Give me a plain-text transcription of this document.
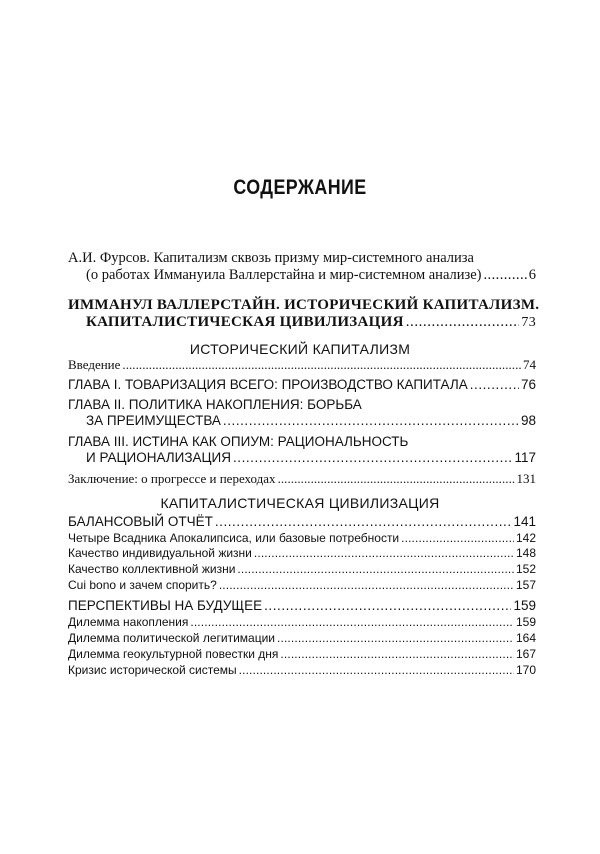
СОДЕРЖАНИЕ
А.И. Фурсов. Капитализм сквозь призму мир-системного анализа
(о работах Иммануила Валлерстайна и мир-системном анализе) . . .	6
ИММАНУЛ ВАЛЛЕРСТАЙН. ИСТОРИЧЕСКИЙ КАПИТАЛИЗМ.
КАПИТАЛИСТИЧЕСКАЯ ЦИВИЛИЗАЦИЯ . . .	73
ИСТОРИЧЕСКИЙ КАПИТАЛИЗМ
Введение . . .	74
ГЛАВА I. ТОВАРИЗАЦИЯ ВСЕГО: ПРОИЗВОДСТВО КАПИТАЛА . . .	76
ГЛАВА II. ПОЛИТИКА НАКОПЛЕНИЯ: БОРЬБА
ЗА ПРЕИМУЩЕСТВА . . .	98
ГЛАВА III. ИСТИНА КАК ОПИУМ: РАЦИОНАЛЬНОСТЬ
И РАЦИОНАЛИЗАЦИЯ . . .	117
Заключение: о прогрессе и переходах . . .	131
КАПИТАЛИСТИЧЕСКАЯ ЦИВИЛИЗАЦИЯ
БАЛАНСОВЫЙ ОТЧЁТ . . .	141
Четыре Всадника Апокалипсиса, или базовые потребности . . .	142
Качество индивидуальной жизни . . .	148
Качество коллективной жизни . . .	152
Cui bono и зачем спорить? . . .	157
ПЕРСПЕКТИВЫ НА БУДУЩЕЕ . . .	159
Дилемма накопления . . .	159
Дилемма политической легитимации . . .	164
Дилемма геокультурной повестки дня . . .	167
Кризис исторической системы . . .	170
